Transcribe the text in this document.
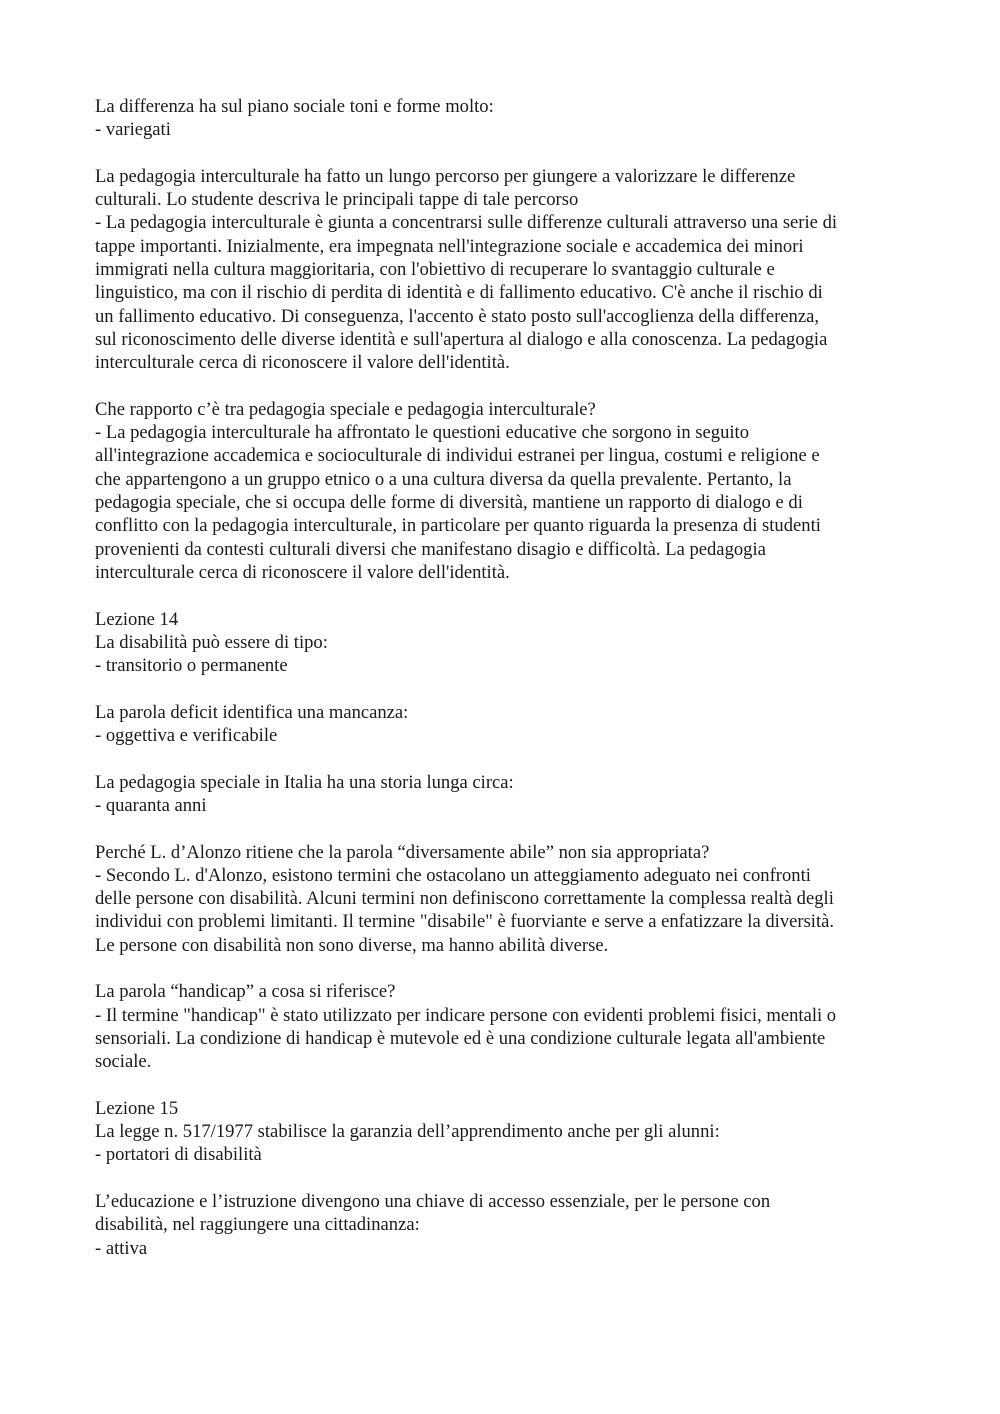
La differenza ha sul piano sociale toni e forme molto:
- variegati
La pedagogia interculturale ha fatto un lungo percorso per giungere a valorizzare le differenze
culturali. Lo studente descriva le principali tappe di tale percorso
- La pedagogia interculturale è giunta a concentrarsi sulle differenze culturali attraverso una serie di
tappe importanti. Inizialmente, era impegnata nell'integrazione sociale e accademica dei minori
immigrati nella cultura maggioritaria, con l'obiettivo di recuperare lo svantaggio culturale e
linguistico, ma con il rischio di perdita di identità e di fallimento educativo. C'è anche il rischio di
un fallimento educativo. Di conseguenza, l'accento è stato posto sull'accoglienza della differenza,
sul riconoscimento delle diverse identità e sull'apertura al dialogo e alla conoscenza. La pedagogia
interculturale cerca di riconoscere il valore dell'identità.
Che rapporto c’è tra pedagogia speciale e pedagogia interculturale?
- La pedagogia interculturale ha affrontato le questioni educative che sorgono in seguito
all'integrazione accademica e socioculturale di individui estranei per lingua, costumi e religione e
che appartengono a un gruppo etnico o a una cultura diversa da quella prevalente. Pertanto, la
pedagogia speciale, che si occupa delle forme di diversità, mantiene un rapporto di dialogo e di
conflitto con la pedagogia interculturale, in particolare per quanto riguarda la presenza di studenti
provenienti da contesti culturali diversi che manifestano disagio e difficoltà. La pedagogia
interculturale cerca di riconoscere il valore dell'identità.
Lezione 14
La disabilità può essere di tipo:
- transitorio o permanente
La parola deficit identifica una mancanza:
- oggettiva e verificabile
La pedagogia speciale in Italia ha una storia lunga circa:
- quaranta anni
Perché L. d’Alonzo ritiene che la parola “diversamente abile” non sia appropriata?
- Secondo L. d'Alonzo, esistono termini che ostacolano un atteggiamento adeguato nei confronti
delle persone con disabilità. Alcuni termini non definiscono correttamente la complessa realtà degli
individui con problemi limitanti. Il termine "disabile" è fuorviante e serve a enfatizzare la diversità.
Le persone con disabilità non sono diverse, ma hanno abilità diverse.
La parola “handicap” a cosa si riferisce?
- Il termine "handicap" è stato utilizzato per indicare persone con evidenti problemi fisici, mentali o
sensoriali. La condizione di handicap è mutevole ed è una condizione culturale legata all'ambiente
sociale.
Lezione 15
La legge n. 517/1977 stabilisce la garanzia dell’apprendimento anche per gli alunni:
- portatori di disabilità
L’educazione e l’istruzione divengono una chiave di accesso essenziale, per le persone con
disabilità, nel raggiungere una cittadinanza:
- attiva
